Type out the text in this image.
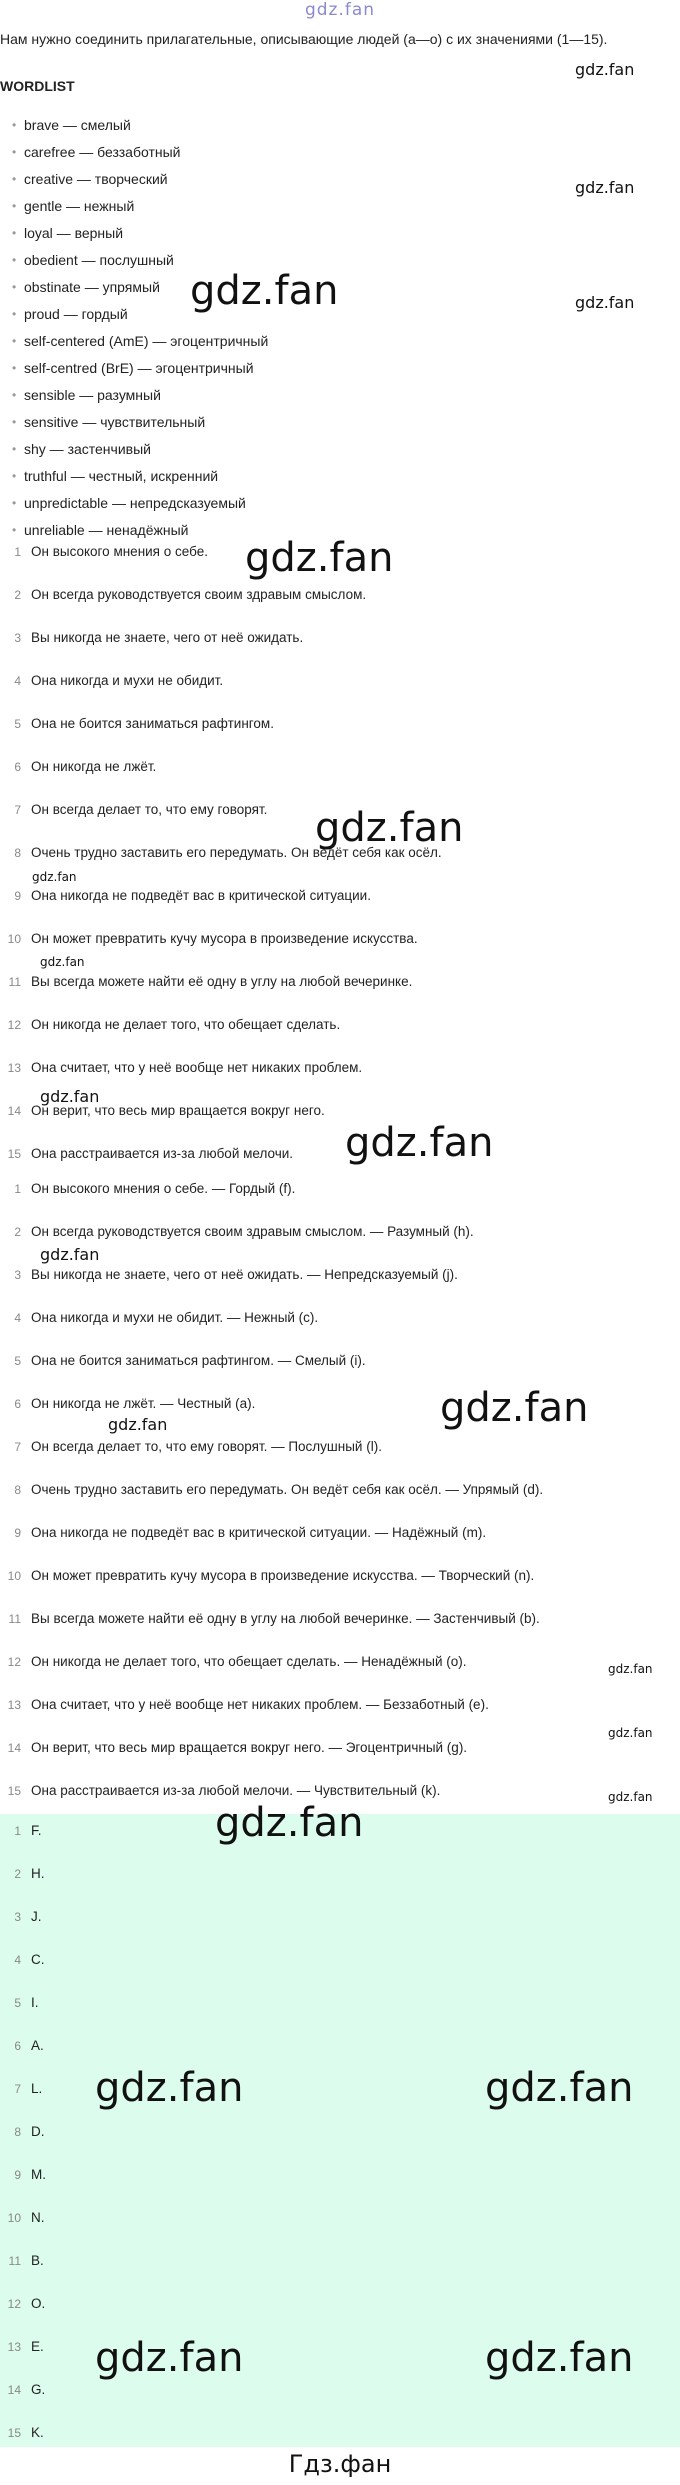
gdz.fan
Нам нужно соединить прилагательные, описывающие людей (a—o) с их значениями (1—15).
WORDLIST
• brave — смелый
• carefree — беззаботный
• creative — творческий
• gentle — нежный
• loyal — верный
• obedient — послушный
• obstinate — упрямый
• proud — гордый
• self-centered (AmE) — эгоцентричный
• self-centred (BrE) — эгоцентричный
• sensible — разумный
• sensitive — чувствительный
• shy — застенчивый
• truthful — честный, искренний
• unpredictable — непредсказуемый
• unreliable — ненадёжный
1 Он высокого мнения о себе.
2 Он всегда руководствуется своим здравым смыслом.
3 Вы никогда не знаете, чего от неё ожидать.
4 Она никогда и мухи не обидит.
5 Она не боится заниматься рафтингом.
6 Он никогда не лжёт.
7 Он всегда делает то, что ему говорят.
8 Очень трудно заставить его передумать. Он ведёт себя как осёл.
9 Она никогда не подведёт вас в критической ситуации.
10 Он может превратить кучу мусора в произведение искусства.
11 Вы всегда можете найти её одну в углу на любой вечеринке.
12 Он никогда не делает того, что обещает сделать.
13 Она считает, что у неё вообще нет никаких проблем.
14 Он верит, что весь мир вращается вокруг него.
15 Она расстраивается из-за любой мелочи.
1 Он высокого мнения о себе. — Гордый (f).
2 Он всегда руководствуется своим здравым смыслом. — Разумный (h).
3 Вы никогда не знаете, чего от неё ожидать. — Непредсказуемый (j).
4 Она никогда и мухи не обидит. — Нежный (c).
5 Она не боится заниматься рафтингом. — Смелый (i).
6 Он никогда не лжёт. — Честный (a).
7 Он всегда делает то, что ему говорят. — Послушный (l).
8 Очень трудно заставить его передумать. Он ведёт себя как осёл. — Упрямый (d).
9 Она никогда не подведёт вас в критической ситуации. — Надёжный (m).
10 Он может превратить кучу мусора в произведение искусства. — Творческий (n).
11 Вы всегда можете найти её одну в углу на любой вечеринке. — Застенчивый (b).
12 Он никогда не делает того, что обещает сделать. — Ненадёжный (o).
13 Она считает, что у неё вообще нет никаких проблем. — Беззаботный (e).
14 Он верит, что весь мир вращается вокруг него. — Эгоцентричный (g).
15 Она расстраивается из-за любой мелочи. — Чувствительный (k).
1 F.
2 H.
3 J.
4 C.
5 I.
6 A.
7 L.
8 D.
9 M.
10 N.
11 B.
12 O.
13 E.
14 G.
15 K.
gdz.fan
gdz.fan
gdz.fan
gdz.fan
gdz.fan
gdz.fan
gdz.fan
gdz.fan
gdz.fan
gdz.fan
gdz.fan
gdz.fan
gdz.fan
gdz.fan
gdz.fan
gdz.fan
gdz.fan
gdz.fan	gdz.fan
gdz.fan	gdz.fan
Гдз.фан
